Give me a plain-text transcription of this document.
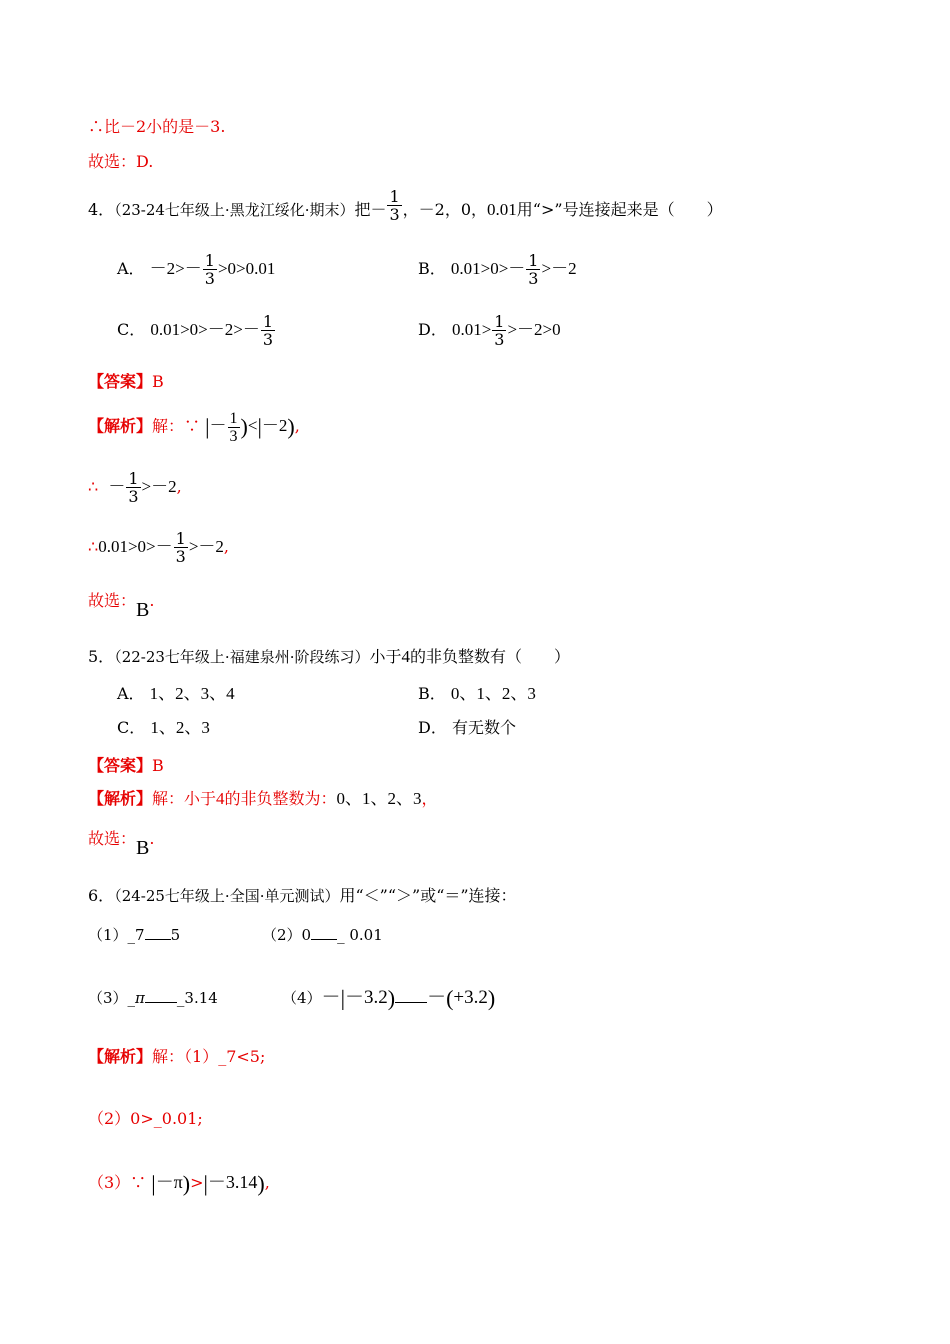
∴比－2小的是－3.
故选：D.
4．（23-24七年级上·黑龙江绥化·期末）把－ $\frac{1}{3}$ ，－2，0，0.01用“>”号连接起来是（　　）
A． $-2>- \frac{1}{3} >0>0.01$	B． $0.01>0>- \frac{1}{3} >-2$
C． $0.01>0>-2>- \frac{1}{3}$	D． $0.01> \frac{1}{3} >-2>0$
【答案】B
【解析】解：∵ |－ $\frac{1}{3} )<|-2$),
∴ － $\frac{1}{3} >-2$,
∴0.01>0>－ $\frac{1}{3} >-2$,
故选：B.
5．（22-23七年级上·福建泉州·阶段练习）小于4的非负整数有（　　）
A． 1、2、3、4	B． 0、1、2、3
C． 1、2、3	D． 有无数个
【答案】B
【解析】解：小于4的非负整数为：0、1、2、3，
故选：B.
6．（24-25七年级上·全国·单元测试）用“＜”“＞”或“＝”连接：
（1）_7 5	（2）0 _ 0.01
（3）_π _3.14	（4）－|－3.2) －(+3.2)
【解析】解：（1）_7<5;
（2）0>_0.01;
（3）∵ |－π)>|－3.14),
